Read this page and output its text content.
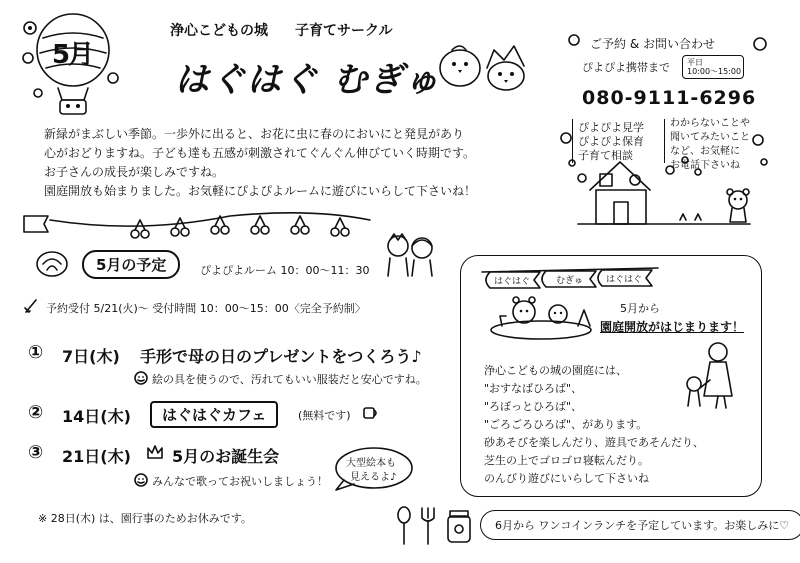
5月
浄心こどもの城 子育てサークル
はぐはぐ むぎゅ
ご予約 & お問い合わせ
ぴよぴよ携帯まで 平日
10:00〜15:00
080-9111-6296
ぴよぴよ見学
ぴよぴよ保育
子育て相談
わからないことや
聞いてみたいこと
など、お気軽に
お電話下さいね
新緑がまぶしい季節。一歩外に出ると、お花に虫に春のにおいにと発見があり
心がおどりますね。子ども達も五感が刺激されてぐんぐん伸びていく時期です。
お子さんの成長が楽しみですね。
園庭開放も始まりました。お気軽にぴよぴよルームに遊びにいらして下さいね！
5月の予定	ぴよぴよルーム 10：00〜11：30
予約受付 5/21(火)〜 受付時間 10：00〜15：00〈完全予約制〉
① 7日(木) 手形で母の日のプレゼントをつくろう♪
絵の具を使うので、汚れてもいい服装だと安心ですね。
② 14日(木)	はぐはぐカフェ	(無料です)
③ 21日(木)	5月のお誕生会
みんなで歌ってお祝いしましょう！
大型絵本も
見えるよ♪
※ 28日(木) は、園行事のためお休みです。
はぐはぐ	むぎゅ	はぐはぐ
5月から
園庭開放がはじまります！
浄心こどもの城の園庭には、
"おすなばひろば"、
"ろぼっとひろば"、
"ごろごろひろば"、があります。
砂あそびを楽しんだり、遊具であそんだり、
芝生の上でゴロゴロ寝転んだり。
のんびり遊びにいらして下さいね
6月から ワンコインランチを予定しています。お楽しみに♡
